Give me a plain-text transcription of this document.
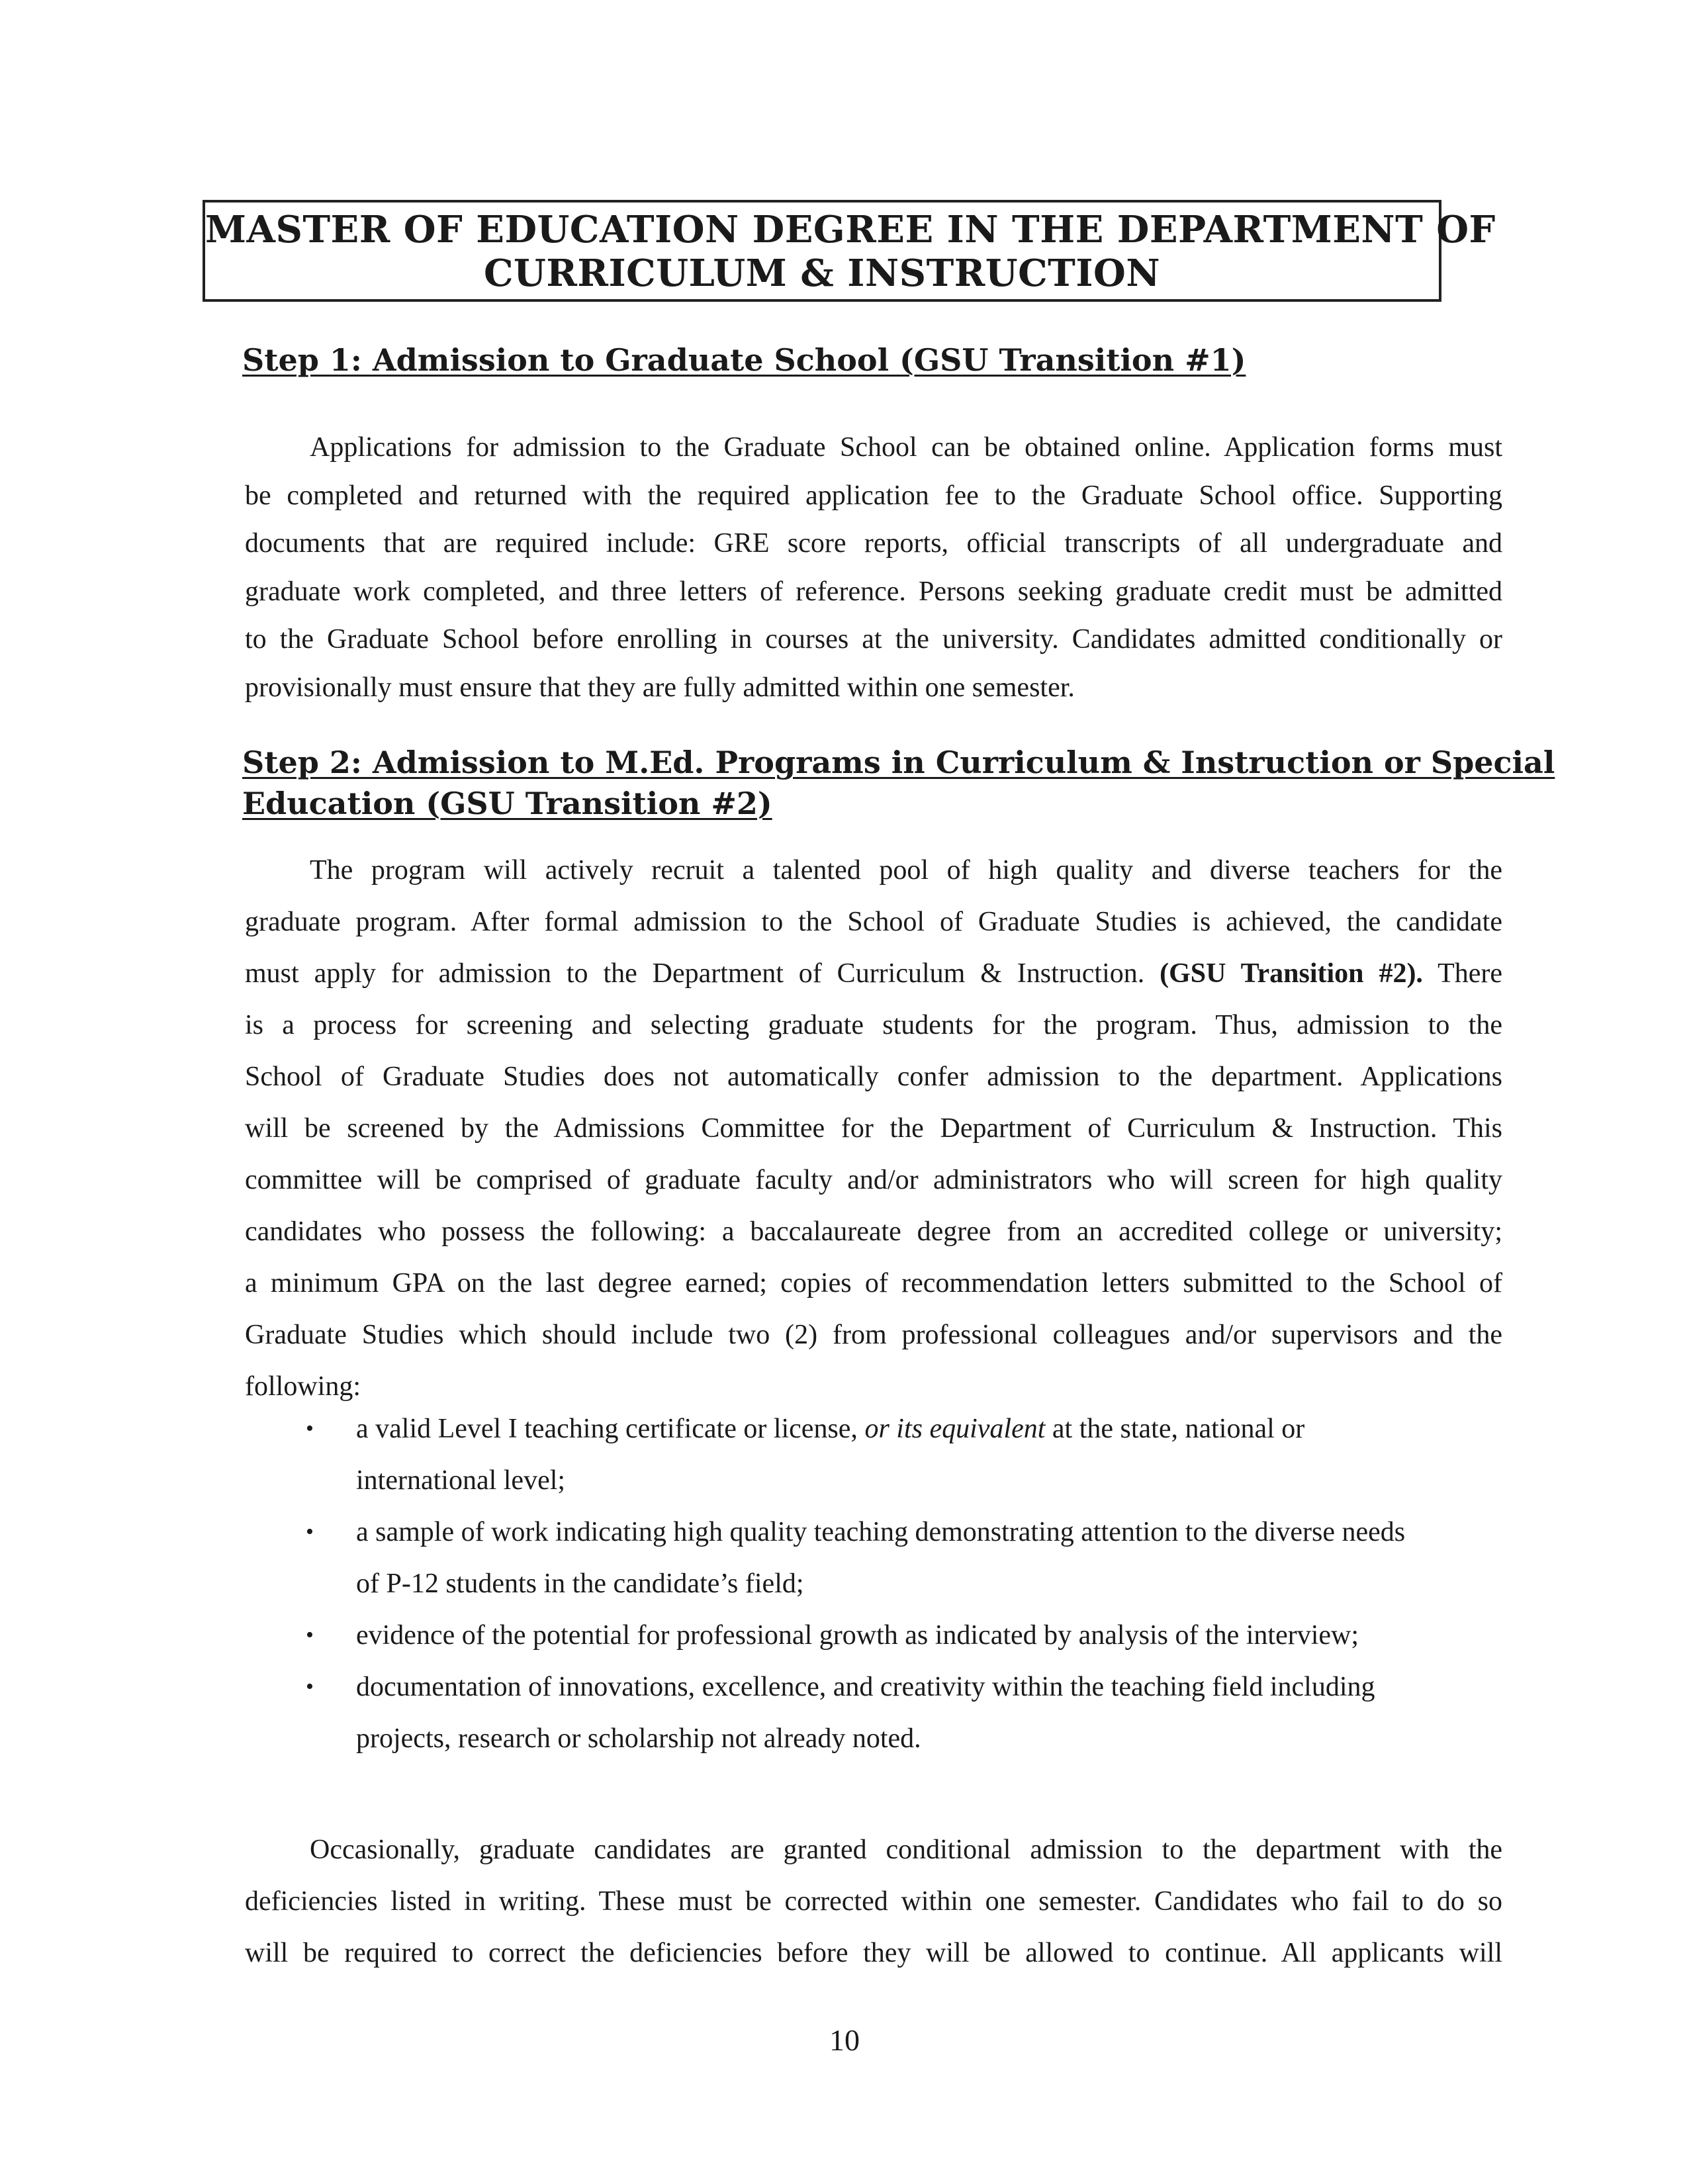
MASTER OF EDUCATION DEGREE IN THE DEPARTMENT OF
CURRICULUM & INSTRUCTION
Step 1: Admission to Graduate School (GSU Transition #1)
Applications for admission to the Graduate School can be obtained online. Application forms must
be completed and returned with the required application fee to the Graduate School office. Supporting
documents that are required include: GRE score reports, official transcripts of all undergraduate and
graduate work completed, and three letters of reference. Persons seeking graduate credit must be admitted
to the Graduate School before enrolling in courses at the university. Candidates admitted conditionally or
provisionally must ensure that they are fully admitted within one semester.
Step 2: Admission to M.Ed. Programs in Curriculum & Instruction or Special
Education (GSU Transition #2)
The program will actively recruit a talented pool of high quality and diverse teachers for the
graduate program. After formal admission to the School of Graduate Studies is achieved, the candidate
must apply for admission to the Department of Curriculum & Instruction. (GSU Transition #2). There
is a process for screening and selecting graduate students for the program. Thus, admission to the
School of Graduate Studies does not automatically confer admission to the department. Applications
will be screened by the Admissions Committee for the Department of Curriculum & Instruction. This
committee will be comprised of graduate faculty and/or administrators who will screen for high quality
candidates who possess the following: a baccalaureate degree from an accredited college or university;
a minimum GPA on the last degree earned; copies of recommendation letters submitted to the School of
Graduate Studies which should include two (2) from professional colleagues and/or supervisors and the
following:
• a valid Level I teaching certificate or license, or its equivalent at the state, national or
international level;
• a sample of work indicating high quality teaching demonstrating attention to the diverse needs
of P-12 students in the candidate’s field;
• evidence of the potential for professional growth as indicated by analysis of the interview;
• documentation of innovations, excellence, and creativity within the teaching field including
projects, research or scholarship not already noted.
Occasionally, graduate candidates are granted conditional admission to the department with the
deficiencies listed in writing. These must be corrected within one semester. Candidates who fail to do so
will be required to correct the deficiencies before they will be allowed to continue. All applicants will
10
